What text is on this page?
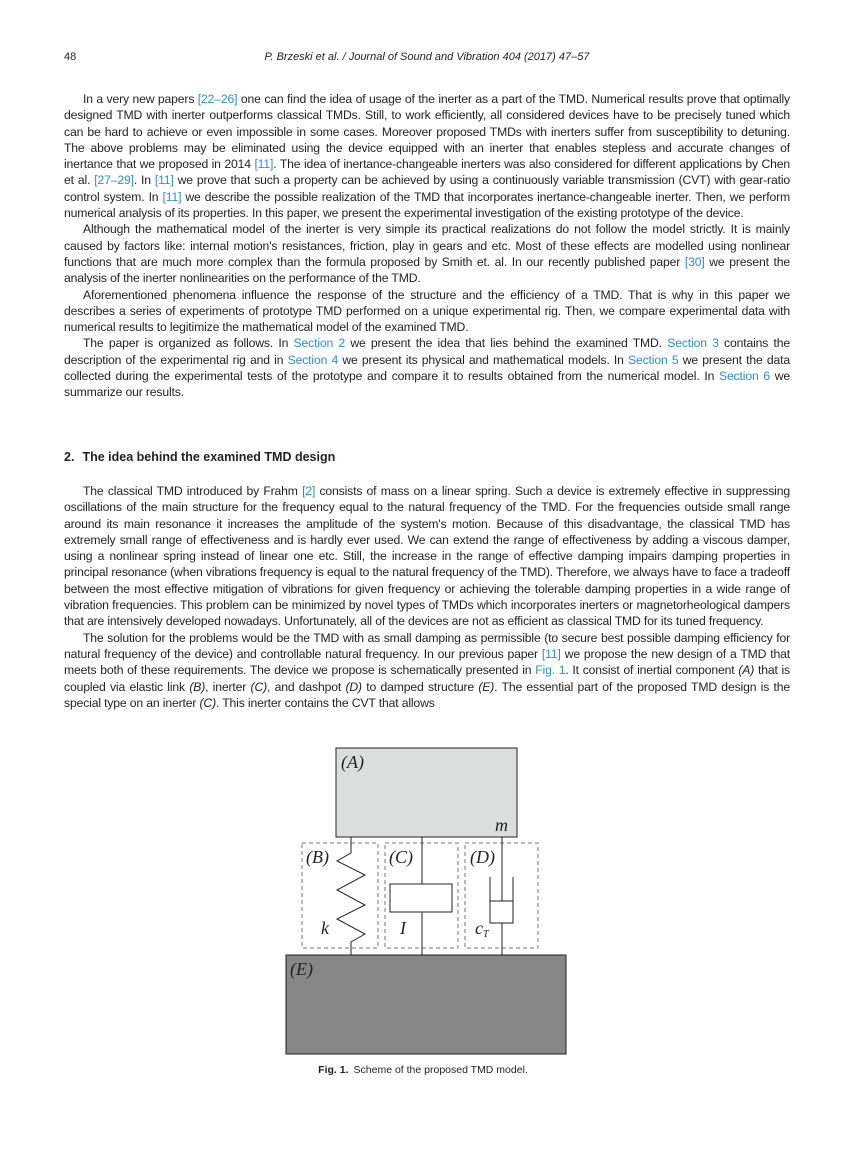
48	P. Brzeski et al. / Journal of Sound and Vibration 404 (2017) 47–57

In a very new papers [22–26] one can find the idea of usage of the inerter as a part of the TMD. Numerical results prove that optimally designed TMD with inerter outperforms classical TMDs. Still, to work efficiently, all considered devices have to be precisely tuned which can be hard to achieve or even impossible in some cases. Moreover proposed TMDs with inerters suffer from susceptibility to detuning. The above problems may be eliminated using the device equipped with an inerter that enables stepless and accurate changes of inertance that we proposed in 2014 [11]. The idea of inertance-changeable inerters was also considered for different applications by Chen et al. [27–29]. In [11] we prove that such a property can be achieved by using a continuously variable transmission (CVT) with gear-ratio control system. In [11] we describe the possible realization of the TMD that incorporates inertance-changeable inerter. Then, we perform numerical analysis of its properties. In this paper, we present the experimental investigation of the existing prototype of the device.

Although the mathematical model of the inerter is very simple its practical realizations do not follow the model strictly. It is mainly caused by factors like: internal motion's resistances, friction, play in gears and etc. Most of these effects are modelled using nonlinear functions that are much more complex than the formula proposed by Smith et. al. In our recently published paper [30] we present the analysis of the inerter nonlinearities on the performance of the TMD.

Aforementioned phenomena influence the response of the structure and the efficiency of a TMD. That is why in this paper we describes a series of experiments of prototype TMD performed on a unique experimental rig. Then, we compare experimental data with numerical results to legitimize the mathematical model of the examined TMD.

The paper is organized as follows. In Section 2 we present the idea that lies behind the examined TMD. Section 3 contains the description of the experimental rig and in Section 4 we present its physical and mathematical models. In Section 5 we present the data collected during the experimental tests of the prototype and compare it to results obtained from the numerical model. In Section 6 we summarize our results.

2. The idea behind the examined TMD design

The classical TMD introduced by Frahm [2] consists of mass on a linear spring. Such a device is extremely effective in suppressing oscillations of the main structure for the frequency equal to the natural frequency of the TMD. For the frequencies outside small range around its main resonance it increases the amplitude of the system's motion. Because of this disadvantage, the classical TMD has extremely small range of effectiveness and is hardly ever used. We can extend the range of effectiveness by adding a viscous damper, using a nonlinear spring instead of linear one etc. Still, the increase in the range of effective damping impairs damping properties in principal resonance (when vibrations frequency is equal to the natural frequency of the TMD). Therefore, we always have to face a tradeoff between the most effective mitigation of vibrations for given frequency or achieving the tolerable damping properties in a wide range of vibration frequencies. This problem can be minimized by novel types of TMDs which incorporates inerters or magnetorheological dampers that are intensively developed nowadays. Unfortunately, all of the devices are not as efficient as classical TMD for its tuned frequency.

The solution for the problems would be the TMD with as small damping as permissible (to secure best possible damping efficiency for natural frequency of the device) and controllable natural frequency. In our previous paper [11] we propose the new design of a TMD that meets both of these requirements. The device we propose is schematically presented in Fig. 1. It consist of inertial component (A) that is coupled via elastic link (B), inerter (C), and dashpot (D) to damped structure (E). The essential part of the proposed TMD design is the special type on an inerter (C). This inerter contains the CVT that allows

(A)
m
(B)	(C)	(D)
k	I	cT
(E)
Fig. 1. Scheme of the proposed TMD model.
